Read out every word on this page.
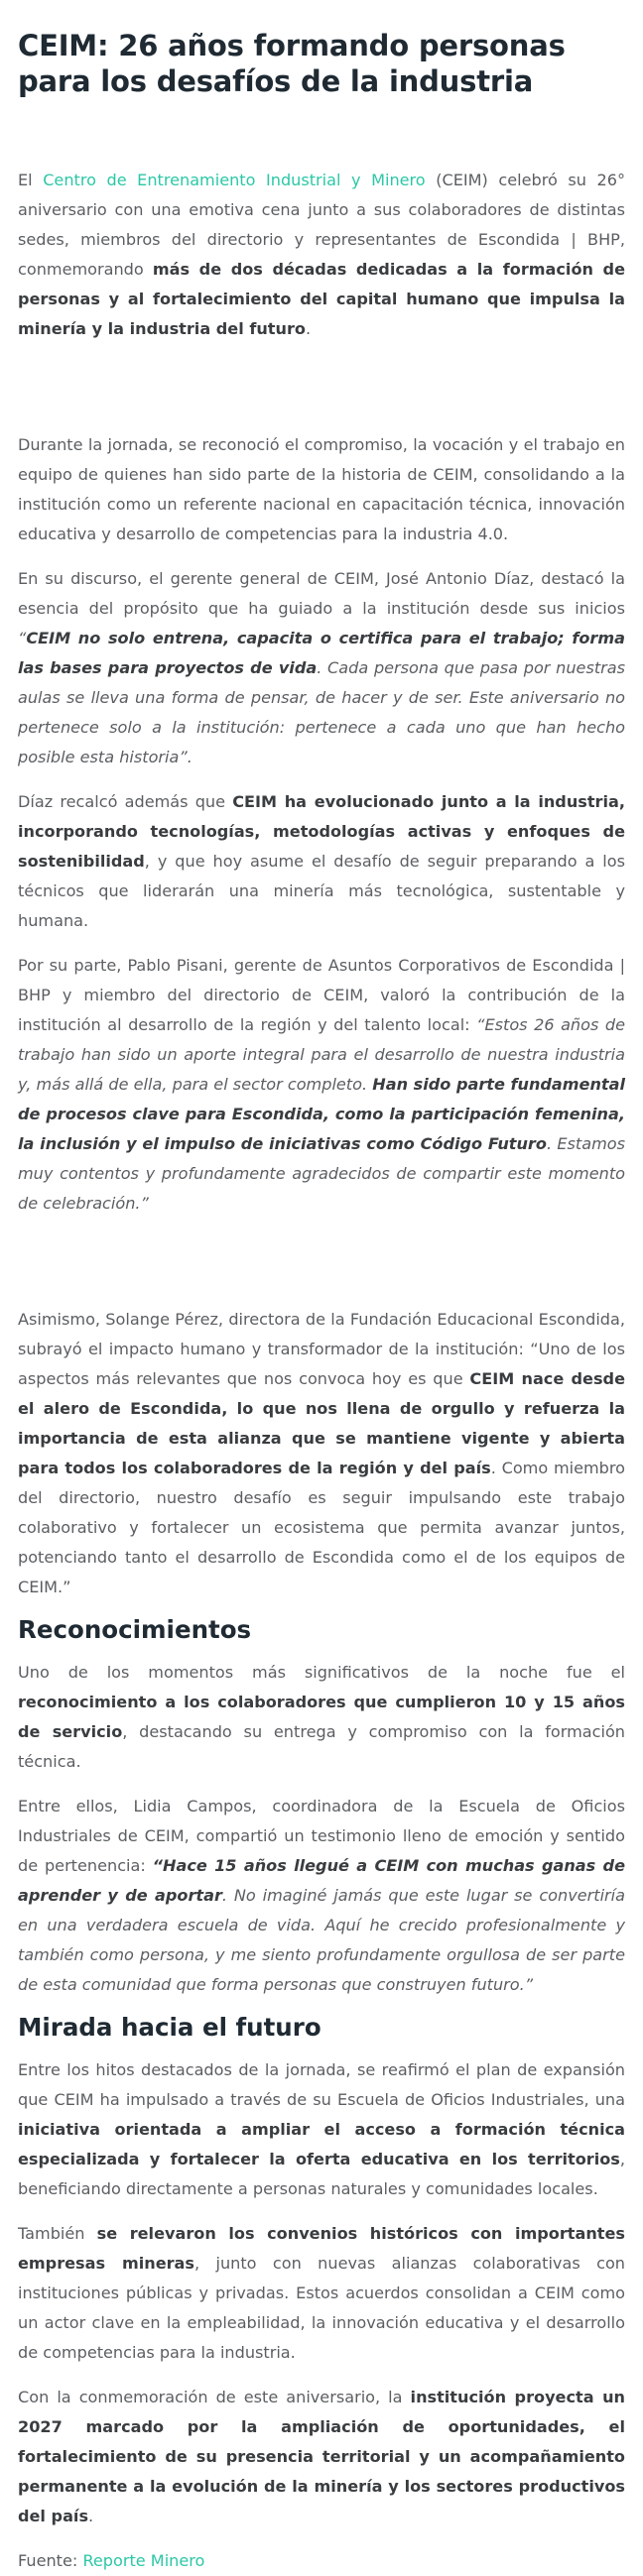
CEIM: 26 años formando personas para los desafíos de la industria

El Centro de Entrenamiento Industrial y Minero (CEIM) celebró su 26° aniversario con una emotiva cena junto a sus colaboradores de distintas sedes, miembros del directorio y representantes de Escondida | BHP, conmemorando más de dos décadas dedicadas a la formación de personas y al fortalecimiento del capital humano que impulsa la minería y la industria del futuro.

Durante la jornada, se reconoció el compromiso, la vocación y el trabajo en equipo de quienes han sido parte de la historia de CEIM, consolidando a la institución como un referente nacional en capacitación técnica, innovación educativa y desarrollo de competencias para la industria 4.0.

En su discurso, el gerente general de CEIM, José Antonio Díaz, destacó la esencia del propósito que ha guiado a la institución desde sus inicios “CEIM no solo entrena, capacita o certifica para el trabajo; forma las bases para proyectos de vida. Cada persona que pasa por nuestras aulas se lleva una forma de pensar, de hacer y de ser. Este aniversario no pertenece solo a la institución: pertenece a cada uno que han hecho posible esta historia”.

Díaz recalcó además que CEIM ha evolucionado junto a la industria, incorporando tecnologías, metodologías activas y enfoques de sostenibilidad, y que hoy asume el desafío de seguir preparando a los técnicos que liderarán una minería más tecnológica, sustentable y humana.

Por su parte, Pablo Pisani, gerente de Asuntos Corporativos de Escondida | BHP y miembro del directorio de CEIM, valoró la contribución de la institución al desarrollo de la región y del talento local: “Estos 26 años de trabajo han sido un aporte integral para el desarrollo de nuestra industria y, más allá de ella, para el sector completo. Han sido parte fundamental de procesos clave para Escondida, como la participación femenina, la inclusión y el impulso de iniciativas como Código Futuro. Estamos muy contentos y profundamente agradecidos de compartir este momento de celebración.”

Asimismo, Solange Pérez, directora de la Fundación Educacional Escondida, subrayó el impacto humano y transformador de la institución: “Uno de los aspectos más relevantes que nos convoca hoy es que CEIM nace desde el alero de Escondida, lo que nos llena de orgullo y refuerza la importancia de esta alianza que se mantiene vigente y abierta para todos los colaboradores de la región y del país. Como miembro del directorio, nuestro desafío es seguir impulsando este trabajo colaborativo y fortalecer un ecosistema que permita avanzar juntos, potenciando tanto el desarrollo de Escondida como el de los equipos de CEIM.”

Reconocimientos

Uno de los momentos más significativos de la noche fue el reconocimiento a los colaboradores que cumplieron 10 y 15 años de servicio, destacando su entrega y compromiso con la formación técnica.

Entre ellos, Lidia Campos, coordinadora de la Escuela de Oficios Industriales de CEIM, compartió un testimonio lleno de emoción y sentido de pertenencia: “Hace 15 años llegué a CEIM con muchas ganas de aprender y de aportar. No imaginé jamás que este lugar se convertiría en una verdadera escuela de vida. Aquí he crecido profesionalmente y también como persona, y me siento profundamente orgullosa de ser parte de esta comunidad que forma personas que construyen futuro.”

Mirada hacia el futuro

Entre los hitos destacados de la jornada, se reafirmó el plan de expansión que CEIM ha impulsado a través de su Escuela de Oficios Industriales, una iniciativa orientada a ampliar el acceso a formación técnica especializada y fortalecer la oferta educativa en los territorios, beneficiando directamente a personas naturales y comunidades locales.

También se relevaron los convenios históricos con importantes empresas mineras, junto con nuevas alianzas colaborativas con instituciones públicas y privadas. Estos acuerdos consolidan a CEIM como un actor clave en la empleabilidad, la innovación educativa y el desarrollo de competencias para la industria.

Con la conmemoración de este aniversario, la institución proyecta un 2027 marcado por la ampliación de oportunidades, el fortalecimiento de su presencia territorial y un acompañamiento permanente a la evolución de la minería y los sectores productivos del país.

Fuente: Reporte Minero
